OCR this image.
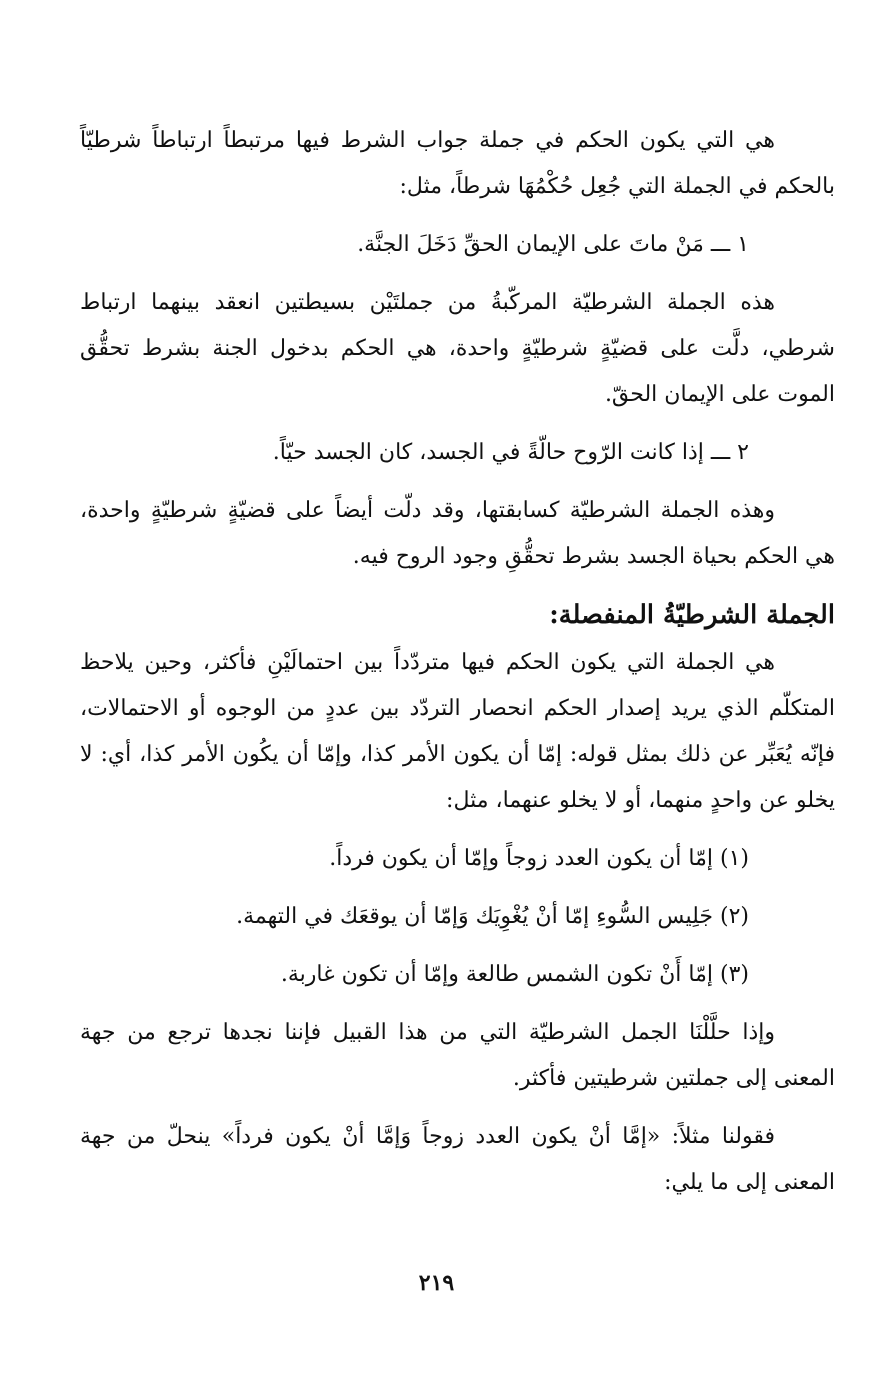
هي التي يكون الحكم في جملة جواب الشرط فيها مرتبطاً ارتباطاً شرطيّاً بالحكم في الجملة التي جُعِل حُكْمُهَا شرطاً، مثل:

١ ـــ مَنْ ماتَ على الإيمان الحقِّ دَخَلَ الجنَّة.

هذه الجملة الشرطيّة المركّبةُ من جملتَيْن بسيطتين انعقد بينهما ارتباط شرطي، دلَّت على قضيّةٍ شرطيّةٍ واحدة، هي الحكم بدخول الجنة بشرط تحقُّق الموت على الإيمان الحقّ.

٢ ـــ إذا كانت الرّوح حالّةً في الجسد، كان الجسد حيّاً.

وهذه الجملة الشرطيّة كسابقتها، وقد دلّت أيضاً على قضيّةٍ شرطيّةٍ واحدة، هي الحكم بحياة الجسد بشرط تحقُّقِ وجود الروح فيه.

الجملة الشرطيّةُ المنفصلة:

هي الجملة التي يكون الحكم فيها متردّداً بين احتمالَيْنِ فأكثر، وحين يلاحظ المتكلّم الذي يريد إصدار الحكم انحصار التردّد بين عددٍ من الوجوه أو الاحتمالات، فإنّه يُعَبِّر عن ذلك بمثل قوله: إمّا أن يكون الأمر كذا، وإمّا أن يكُون الأمر كذا، أي: لا يخلو عن واحدٍ منهما، أو لا يخلو عنهما، مثل:

(١) إمّا أن يكون العدد زوجاً وإمّا أن يكون فرداً.

(٢) جَلِيس السُّوءِ إمّا أنْ يُغْوِيَك وَإمّا أن يوقعَك في التهمة.

(٣) إمّا أَنْ تكون الشمس طالعة وإمّا أن تكون غاربة.

وإذا حلَّلْنَا الجمل الشرطيّة التي من هذا القبيل فإننا نجدها ترجع من جهة المعنى إلى جملتين شرطيتين فأكثر.

فقولنا مثلاً: «إمَّا أنْ يكون العدد زوجاً وَإمَّا أنْ يكون فرداً» ينحلّ من جهة المعنى إلى ما يلي:

٢١٩
